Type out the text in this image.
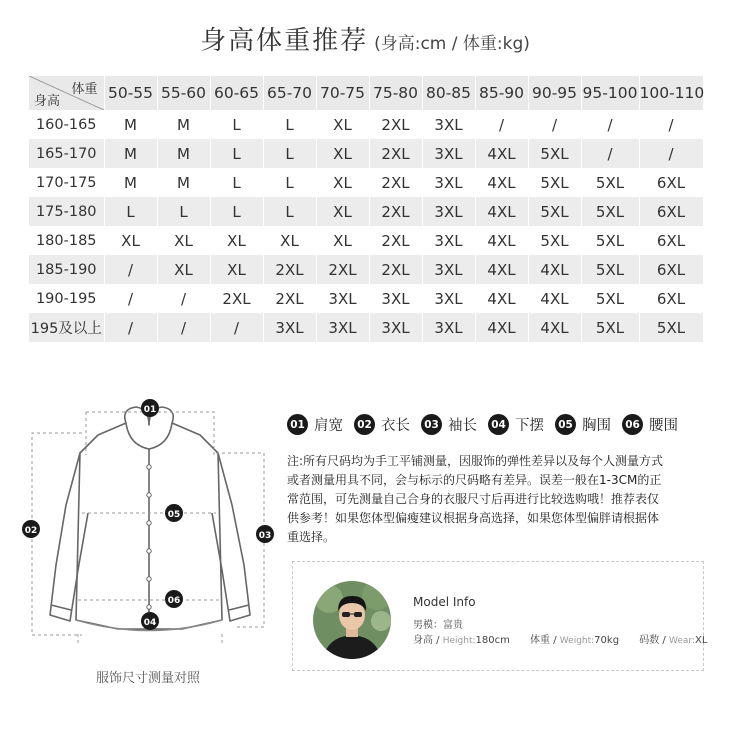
身高体重推荐 (身高:cm / 体重:kg)
体重
身高	50-55	55-60	60-65	65-70	70-75	75-80	80-85	85-90	90-95	95-100	100-110
160-165	M	M	L	L	XL	2XL	3XL	/	/	/	/
165-170	M	M	L	L	XL	2XL	3XL	4XL	5XL	/	/
170-175	M	M	L	L	XL	2XL	3XL	4XL	5XL	5XL	6XL
175-180	L	L	L	L	XL	2XL	3XL	4XL	5XL	5XL	6XL
180-185	XL	XL	XL	XL	XL	2XL	3XL	4XL	5XL	5XL	6XL
185-190	/	XL	XL	2XL	2XL	2XL	3XL	4XL	4XL	5XL	6XL
190-195	/	/	2XL	2XL	3XL	3XL	3XL	4XL	4XL	5XL	6XL
195及以上	/	/	/	3XL	3XL	3XL	3XL	4XL	4XL	5XL	5XL
01
02	03
04
05
06
服饰尺寸测量对照
01 肩宽	02 衣长	03 袖长	04 下摆	05 胸围	06 腰围
注:所有尺码均为手工平铺测量，因服饰的弹性差异以及每个人测量方式
或者测量用具不同，会与标示的尺码略有差异。误差一般在1-3CM的正
常范围，可先测量自己合身的衣服尺寸后再进行比较选购哦！推荐表仅
供参考！如果您体型偏瘦建议根据身高选择，如果您体型偏胖请根据体
重选择。
Model Info
男模：富贵
身高 / Height:180cm 体重 / Weight:70kg 码数 / Wear:XL
